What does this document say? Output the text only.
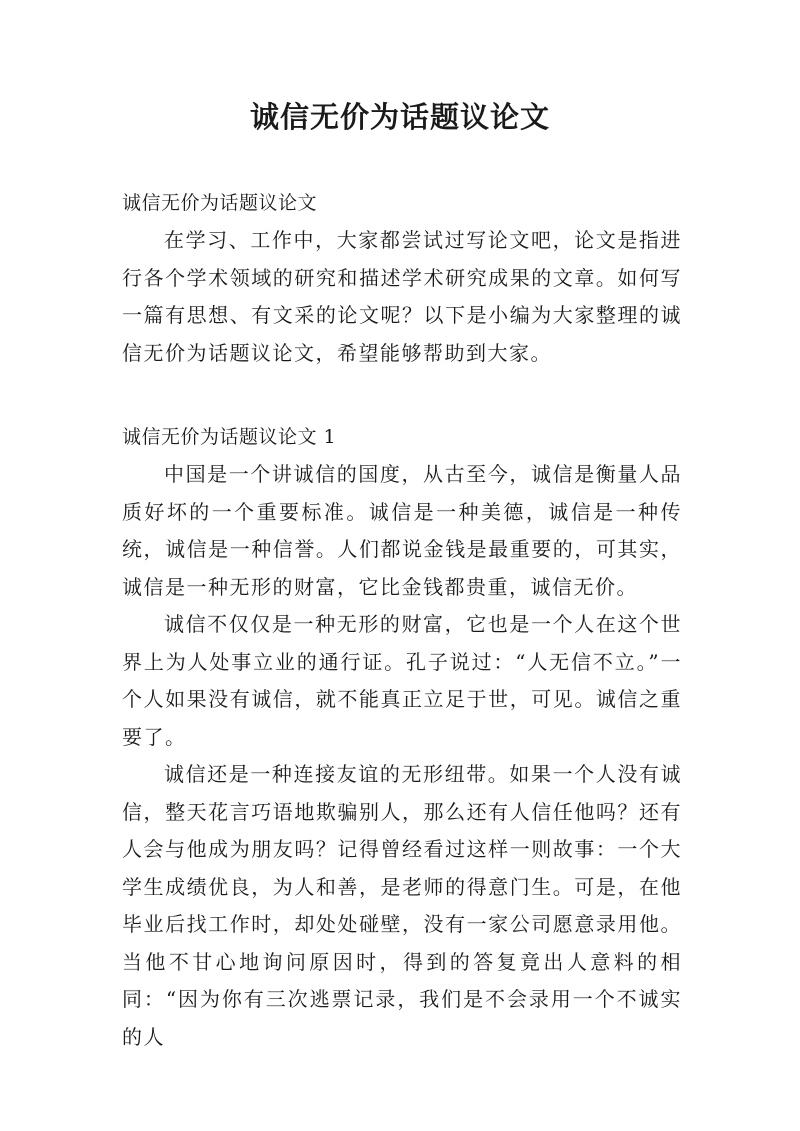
诚信无价为话题议论文

诚信无价为话题议论文

在学习、工作中，大家都尝试过写论文吧，论文是指进行各个学术领域的研究和描述学术研究成果的文章。如何写一篇有思想、有文采的论文呢？以下是小编为大家整理的诚信无价为话题议论文，希望能够帮助到大家。

诚信无价为话题议论文 1

中国是一个讲诚信的国度，从古至今，诚信是衡量人品质好坏的一个重要标准。诚信是一种美德，诚信是一种传统，诚信是一种信誉。人们都说金钱是最重要的，可其实，诚信是一种无形的财富，它比金钱都贵重，诚信无价。

诚信不仅仅是一种无形的财富，它也是一个人在这个世界上为人处事立业的通行证。孔子说过：“人无信不立。”一个人如果没有诚信，就不能真正立足于世，可见。诚信之重要了。

诚信还是一种连接友谊的无形纽带。如果一个人没有诚信，整天花言巧语地欺骗别人，那么还有人信任他吗？还有人会与他成为朋友吗？记得曾经看过这样一则故事：一个大学生成绩优良，为人和善，是老师的得意门生。可是，在他毕业后找工作时，却处处碰壁，没有一家公司愿意录用他。当他不甘心地询问原因时，得到的答复竟出人意料的相同：“因为你有三次逃票记录，我们是不会录用一个不诚实的人
